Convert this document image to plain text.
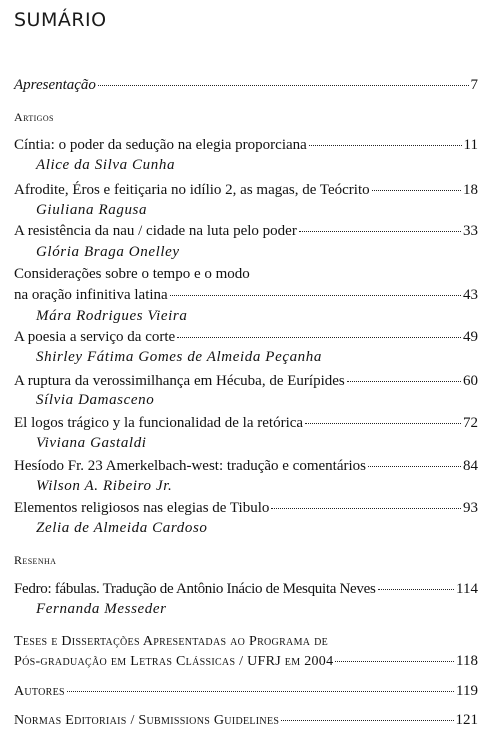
SUMÁRIO
Apresentação	7
Artigos
Cíntia: o poder da sedução na elegia proporciana	11
Alice da Silva Cunha
Afrodite, Éros e feitiçaria no idílio 2, as magas, de Teócrito	18
Giuliana Ragusa
A resistência da nau / cidade na luta pelo poder	33
Glória Braga Onelley
Considerações sobre o tempo e o modo
na oração infinitiva latina	43
Mára Rodrigues Vieira
A poesia a serviço da corte	49
Shirley Fátima Gomes de Almeida Peçanha
A ruptura da verossimilhança em Hécuba, de Eurípides	60
Sílvia Damasceno
El logos trágico y la funcionalidad de la retórica	72
Viviana Gastaldi
Hesíodo Fr. 23 Amerkelbach-west: tradução e comentários	84
Wilson A. Ribeiro Jr.
Elementos religiosos nas elegias de Tibulo	93
Zelia de Almeida Cardoso
Resenha
Fedro: fábulas. Tradução de Antônio Inácio de Mesquita Neves	114
Fernanda Messeder
Teses e Dissertações Apresentadas ao Programa de
Pós-graduação em Letras Clássicas / UFRJ em 2004	118
Autores	119
Normas Editoriais / Submissions Guidelines	121
